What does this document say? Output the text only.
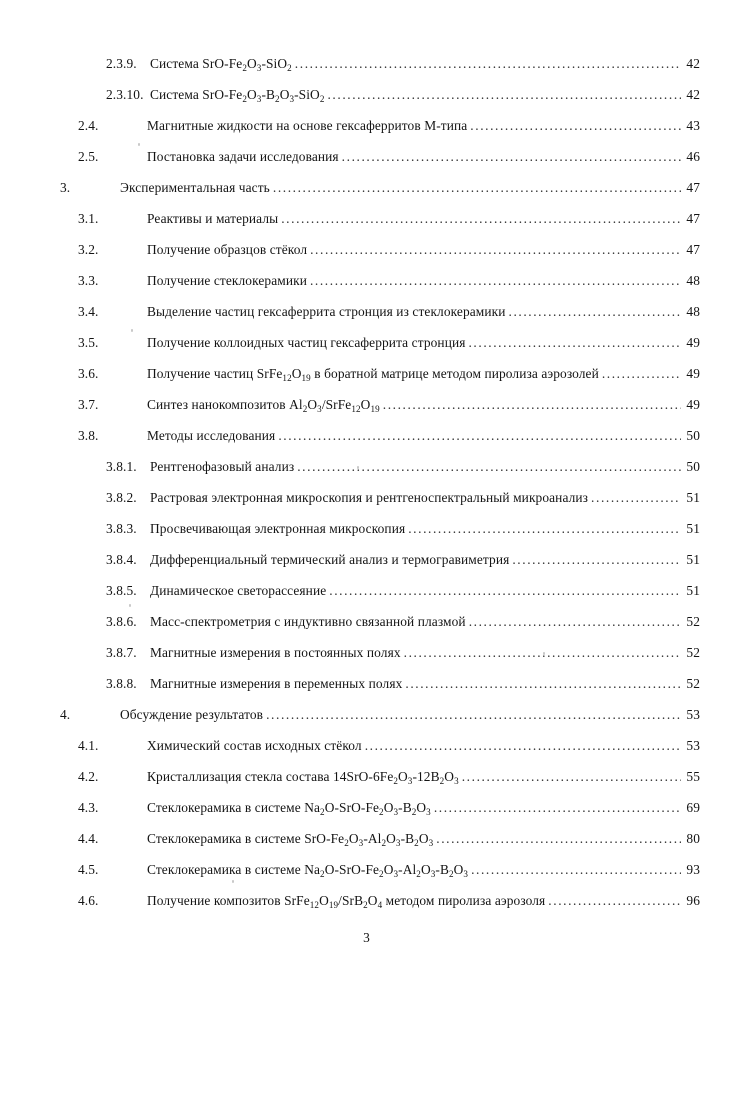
2.3.9. Система SrO-$Fe_2O_3-SiO_2$ .....	42
2.3.10. Система SrO-$Fe_2O_3-B_2O_3-SiO_2$ .....	42
2.4.	Магнитные жидкости на основе гексаферритов М-типа .....	43
2.5.	Постановка задачи исследования .....	46
3.	Экспериментальная часть .....	47
3.1.	Реактивы и материалы .....	47
3.2.	Получение образцов стёкол .....	47
3.3.	Получение стеклокерамики .....	48
3.4.	Выделение частиц гексаферрита стронция из стеклокерамики .....	48
3.5.	Получение коллоидных частиц гексаферрита стронция .....	49
3.6.	Получение частиц $SrFe_{12}O_{19}$ в боратной матрице методом пиролиза аэрозолей .....	49
3.7.	Синтез нанокомпозитов $Al_2O_3/SrFe_{12}O_{19}$ .....	49
3.8.	Методы исследования .....	50
3.8.1. Рентгенофазовый анализ .....	50
3.8.2. Растровая электронная микроскопия и рентгеноспектральный микроанализ .....	51
3.8.3. Просвечивающая электронная микроскопия .....	51
3.8.4. Дифференциальный термический анализ и термогравиметрия .....	51
3.8.5. Динамическое светорассеяние .....	51
3.8.6. Масс-спектрометрия с индуктивно связанной плазмой .....	52
3.8.7. Магнитные измерения в постоянных полях .....	52
3.8.8. Магнитные измерения в переменных полях .....	52
4.	Обсуждение результатов .....	53
4.1.	Химический состав исходных стёкол .....	53
4.2.	Кристаллизация стекла состава $14SrO-6Fe_2O_3-12B_2O_3$ .....	55
4.3.	Стеклокерамика в системе $Na_2O-SrO-Fe_2O_3-B_2O_3$ .....	69
4.4.	Стеклокерамика в системе SrO-$Fe_2O_3-Al_2O_3-B_2O_3$ .....	80
4.5.	Стеклокерамика в системе $Na_2O-SrO-Fe_2O_3-Al_2O_3-B_2O_3$ .....	93
4.6.	Получение композитов $SrFe_{12}O_{19}/SrB_2O_4$ методом пиролиза аэрозоля .....	96
3
